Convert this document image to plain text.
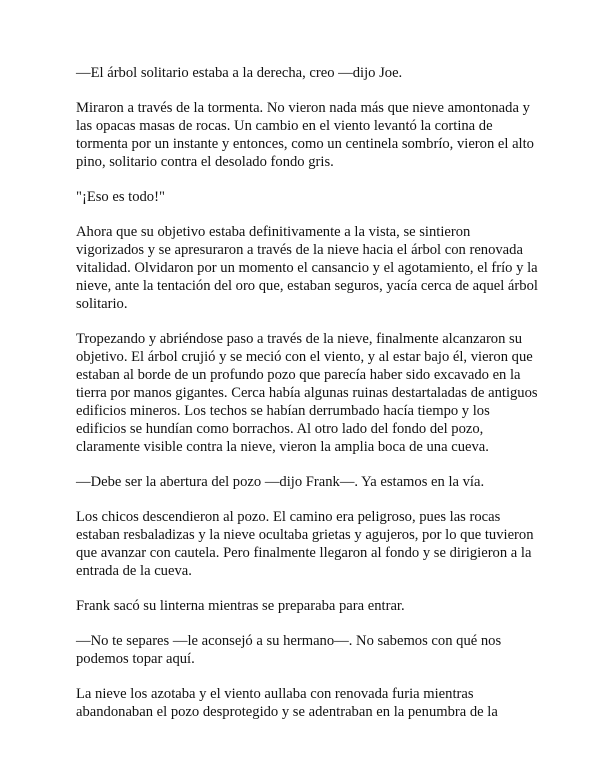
—El árbol solitario estaba a la derecha, creo —dijo Joe.

Miraron a través de la tormenta. No vieron nada más que nieve amontonada y las opacas masas de rocas. Un cambio en el viento levantó la cortina de tormenta por un instante y entonces, como un centinela sombrío, vieron el alto pino, solitario contra el desolado fondo gris.

"¡Eso es todo!"

Ahora que su objetivo estaba definitivamente a la vista, se sintieron vigorizados y se apresuraron a través de la nieve hacia el árbol con renovada vitalidad. Olvidaron por un momento el cansancio y el agotamiento, el frío y la nieve, ante la tentación del oro que, estaban seguros, yacía cerca de aquel árbol solitario.

Tropezando y abriéndose paso a través de la nieve, finalmente alcanzaron su objetivo. El árbol crujió y se meció con el viento, y al estar bajo él, vieron que estaban al borde de un profundo pozo que parecía haber sido excavado en la tierra por manos gigantes. Cerca había algunas ruinas destartaladas de antiguos edificios mineros. Los techos se habían derrumbado hacía tiempo y los edificios se hundían como borrachos. Al otro lado del fondo del pozo, claramente visible contra la nieve, vieron la amplia boca de una cueva.

—Debe ser la abertura del pozo —dijo Frank—. Ya estamos en la vía.

Los chicos descendieron al pozo. El camino era peligroso, pues las rocas estaban resbaladizas y la nieve ocultaba grietas y agujeros, por lo que tuvieron que avanzar con cautela. Pero finalmente llegaron al fondo y se dirigieron a la entrada de la cueva.

Frank sacó su linterna mientras se preparaba para entrar.

—No te separes —le aconsejó a su hermano—. No sabemos con qué nos podemos topar aquí.

La nieve los azotaba y el viento aullaba con renovada furia mientras abandonaban el pozo desprotegido y se adentraban en la penumbra de la
